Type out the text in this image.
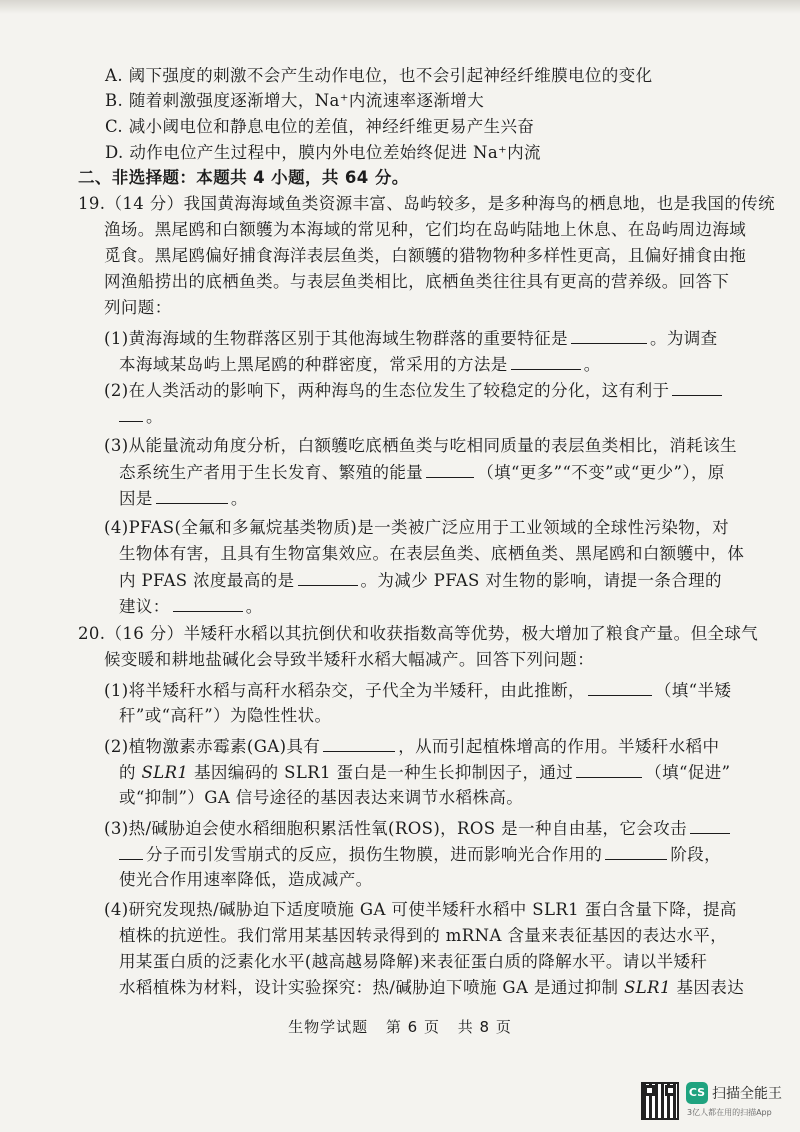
A. 阈下强度的刺激不会产生动作电位，也不会引起神经纤维膜电位的变化
B. 随着刺激强度逐渐增大，Na⁺内流速率逐渐增大
C. 减小阈电位和静息电位的差值，神经纤维更易产生兴奋
D. 动作电位产生过程中，膜内外电位差始终促进 Na⁺内流
二、非选择题：本题共 4 小题，共 64 分。
19.（14 分）我国黄海海域鱼类资源丰富、岛屿较多，是多种海鸟的栖息地，也是我国的传统
渔场。黑尾鸥和白额鹱为本海域的常见种，它们均在岛屿陆地上休息、在岛屿周边海域
觅食。黑尾鸥偏好捕食海洋表层鱼类，白额鹱的猎物物种多样性更高，且偏好捕食由拖
网渔船捞出的底栖鱼类。与表层鱼类相比，底栖鱼类往往具有更高的营养级。回答下
列问题：
(1)黄海海域的生物群落区别于其他海域生物群落的重要特征是	。为调查
本海域某岛屿上黑尾鸥的种群密度，常采用的方法是	。
(2)在人类活动的影响下，两种海鸟的生态位发生了较稳定的分化，这有利于
。
(3)从能量流动角度分析，白额鹱吃底栖鱼类与吃相同质量的表层鱼类相比，消耗该生
态系统生产者用于生长发育、繁殖的能量	（填“更多”“不变”或“更少”），原
因是	。
(4)PFAS(全氟和多氟烷基类物质)是一类被广泛应用于工业领域的全球性污染物，对
生物体有害，且具有生物富集效应。在表层鱼类、底栖鱼类、黑尾鸥和白额鹱中，体
内 PFAS 浓度最高的是	。为减少 PFAS 对生物的影响，请提一条合理的
建议：	。
20.（16 分）半矮秆水稻以其抗倒伏和收获指数高等优势，极大增加了粮食产量。但全球气
候变暖和耕地盐碱化会导致半矮秆水稻大幅减产。回答下列问题：
(1)将半矮秆水稻与高秆水稻杂交，子代全为半矮秆，由此推断，	（填“半矮
秆”或“高秆”）为隐性性状。
(2)植物激素赤霉素(GA)具有	，从而引起植株增高的作用。半矮秆水稻中
的 SLR1 基因编码的 SLR1 蛋白是一种生长抑制因子，通过	（填“促进”
或“抑制”）GA 信号途径的基因表达来调节水稻株高。
(3)热/碱胁迫会使水稻细胞积累活性氧(ROS)，ROS 是一种自由基，它会攻击
分子而引发雪崩式的反应，损伤生物膜，进而影响光合作用的	阶段，
使光合作用速率降低，造成减产。
(4)研究发现热/碱胁迫下适度喷施 GA 可使半矮秆水稻中 SLR1 蛋白含量下降，提高
植株的抗逆性。我们常用某基因转录得到的 mRNA 含量来表征基因的表达水平，
用某蛋白质的泛素化水平(越高越易降解)来表征蛋白质的降解水平。请以半矮秆
水稻植株为材料，设计实验探究：热/碱胁迫下喷施 GA 是通过抑制 SLR1 基因表达
生物学试题 第 6 页 共 8 页
CS 扫描全能王
3亿人都在用的扫描App
